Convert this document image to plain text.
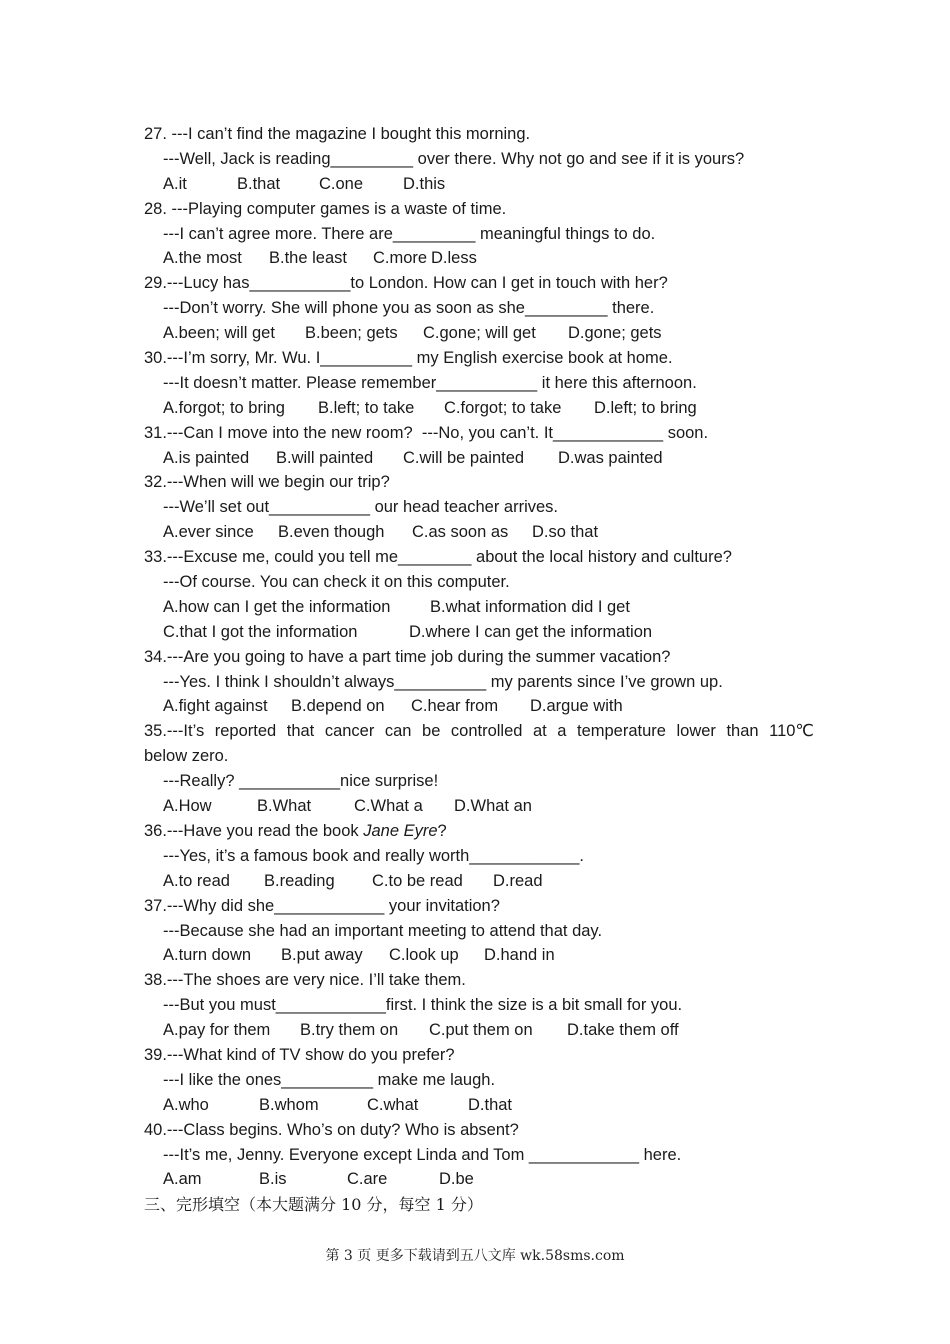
27. ---I can’t find the magazine I bought this morning.
---Well, Jack is reading_________ over there. Why not go and see if it is yours?
A.it	B.that	C.one	D.this
28. ---Playing computer games is a waste of time.
---I can’t agree more. There are_________ meaningful things to do.
A.the most	B.the least	C.more D.less
29.---Lucy has___________to London. How can I get in touch with her?
---Don’t worry. She will phone you as soon as she_________ there.
A.been; will get	B.been; gets	C.gone; will get	D.gone; gets
30.---I’m sorry, Mr. Wu. I__________ my English exercise book at home.
---It doesn’t matter. Please remember___________ it here this afternoon.
A.forgot; to bring	B.left; to take	C.forgot; to take	D.left; to bring
31.---Can I move into the new room?  ---No, you can’t. It____________ soon.
A.is painted	B.will painted	C.will be painted	D.was painted
32.---When will we begin our trip?
---We’ll set out___________ our head teacher arrives.
A.ever since	B.even though	C.as soon as	D.so that
33.---Excuse me, could you tell me________ about the local history and culture?
---Of course. You can check it on this computer.
A.how can I get the information	B.what information did I get
C.that I got the information	D.where I can get the information
34.---Are you going to have a part time job during the summer vacation?
---Yes. I think I shouldn’t always__________ my parents since I’ve grown up.
A.fight against	B.depend on	C.hear from	D.argue with
35.---It’s reported that cancer can be controlled at a temperature lower than 110℃
below zero.
---Really? ___________nice surprise!
A.How	B.What	C.What a	D.What an
36.---Have you read the book Jane Eyre?
---Yes, it’s a famous book and really worth____________.
A.to read	B.reading	C.to be read	D.read
37.---Why did she____________ your invitation?
---Because she had an important meeting to attend that day.
A.turn down	B.put away	C.look up	D.hand in
38.---The shoes are very nice. I’ll take them.
---But you must____________first. I think the size is a bit small for you.
A.pay for them	B.try them on	C.put them on	D.take them off
39.---What kind of TV show do you prefer?
---I like the ones__________ make me laugh.
A.who	B.whom	C.what	D.that
40.---Class begins. Who’s on duty? Who is absent?
---It’s me, Jenny. Everyone except Linda and Tom ____________ here.
A.am	B.is	C.are	D.be
三、完形填空（本大题满分 10 分，每空 1 分）
第 3 页 更多下载请到五八文库 wk.58sms.com
